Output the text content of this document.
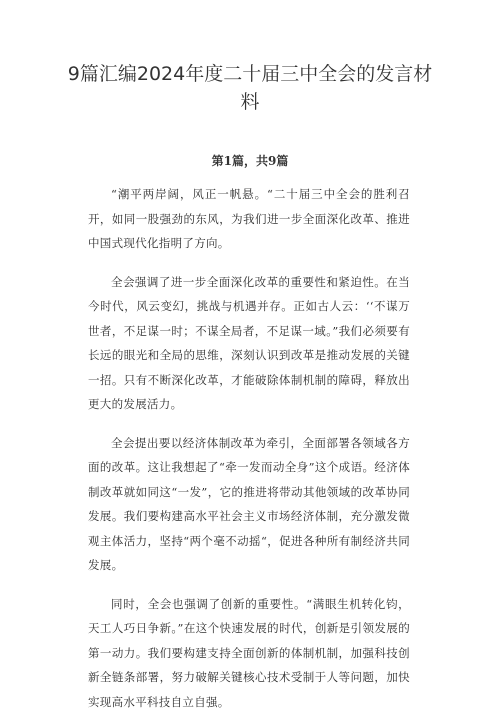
9篇汇编2024年度二十届三中全会的发言材料

第1篇，共9篇

“潮平两岸阔，风正一帆悬。“二十届三中全会的胜利召开，如同一股强劲的东风，为我们进一步全面深化改革、推进中国式现代化指明了方向。

全会强调了进一步全面深化改革的重要性和紧迫性。在当今时代，风云变幻，挑战与机遇并存。正如古人云：‘‘不谋万世者，不足谋一时；不谋全局者，不足谋一域。”我们必须要有长远的眼光和全局的思维，深刻认识到改革是推动发展的关键一招。只有不断深化改革，才能破除体制机制的障碍，释放出更大的发展活力。

全会提出要以经济体制改革为牵引，全面部署各领域各方面的改革。这让我想起了“牵一发而动全身”这个成语。经济体制改革就如同这“一发”，它的推进将带动其他领域的改革协同发展。我们要构建高水平社会主义市场经济体制，充分激发微观主体活力，坚持“两个毫不动摇“，促进各种所有制经济共同发展。

同时，全会也强调了创新的重要性。“满眼生机转化钧，天工人巧日争新。”在这个快速发展的时代，创新是引领发展的第一动力。我们要构建支持全面创新的体制机制，加强科技创新全链条部署，努力破解关键核心技术受制于人等问题，加快实现高水平科技自立自强。
